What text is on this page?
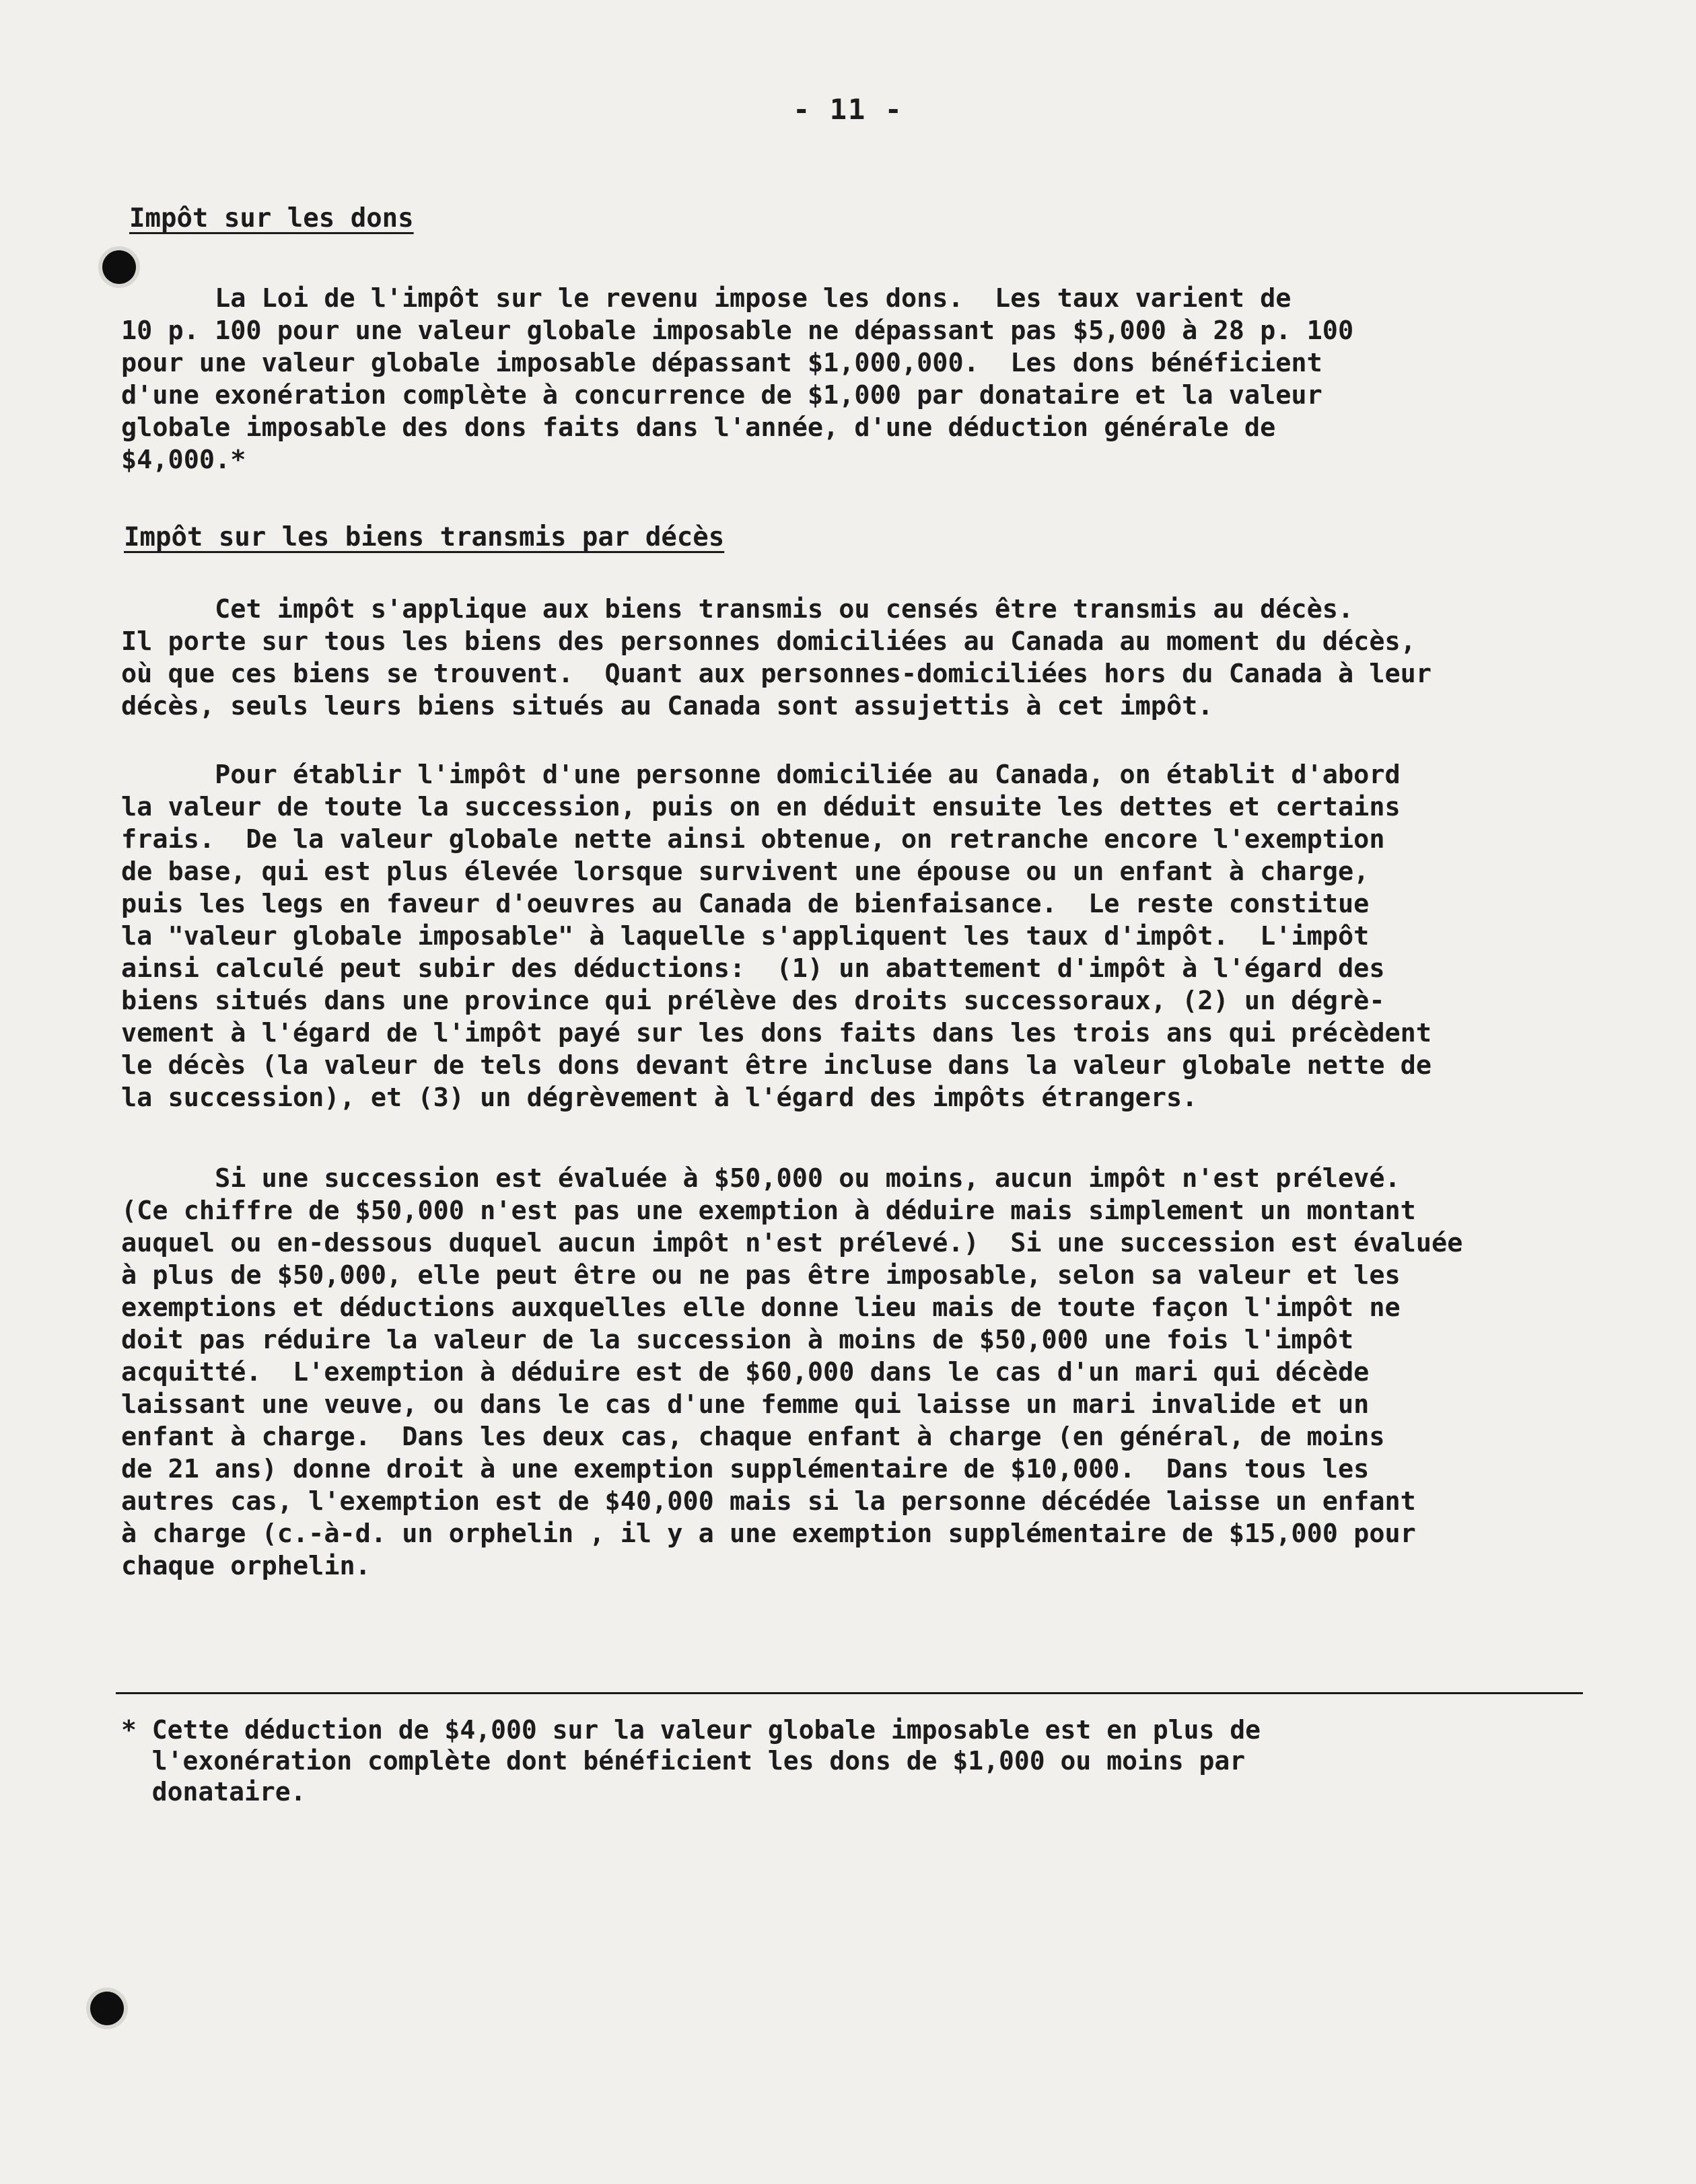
- 11 -
Impôt sur les dons
La Loi de l'impôt sur le revenu impose les dons.  Les taux varient de
10 p. 100 pour une valeur globale imposable ne dépassant pas $5,000 à 28 p. 100
pour une valeur globale imposable dépassant $1,000,000.  Les dons bénéficient
d'une exonération complète à concurrence de $1,000 par donataire et la valeur
globale imposable des dons faits dans l'année, d'une déduction générale de
$4,000.*
Impôt sur les biens transmis par décès
Cet impôt s'applique aux biens transmis ou censés être transmis au décès.
Il porte sur tous les biens des personnes domiciliées au Canada au moment du décès,
où que ces biens se trouvent.  Quant aux personnes-domiciliées hors du Canada à leur
décès, seuls leurs biens situés au Canada sont assujettis à cet impôt.
Pour établir l'impôt d'une personne domiciliée au Canada, on établit d'abord
la valeur de toute la succession, puis on en déduit ensuite les dettes et certains
frais.  De la valeur globale nette ainsi obtenue, on retranche encore l'exemption
de base, qui est plus élevée lorsque survivent une épouse ou un enfant à charge,
puis les legs en faveur d'oeuvres au Canada de bienfaisance.  Le reste constitue
la "valeur globale imposable" à laquelle s'appliquent les taux d'impôt.  L'impôt
ainsi calculé peut subir des déductions:  (1) un abattement d'impôt à l'égard des
biens situés dans une province qui prélève des droits successoraux, (2) un dégrè-
vement à l'égard de l'impôt payé sur les dons faits dans les trois ans qui précèdent
le décès (la valeur de tels dons devant être incluse dans la valeur globale nette de
la succession), et (3) un dégrèvement à l'égard des impôts étrangers.
Si une succession est évaluée à $50,000 ou moins, aucun impôt n'est prélevé.
(Ce chiffre de $50,000 n'est pas une exemption à déduire mais simplement un montant
auquel ou en-dessous duquel aucun impôt n'est prélevé.)  Si une succession est évaluée
à plus de $50,000, elle peut être ou ne pas être imposable, selon sa valeur et les
exemptions et déductions auxquelles elle donne lieu mais de toute façon l'impôt ne
doit pas réduire la valeur de la succession à moins de $50,000 une fois l'impôt
acquitté.  L'exemption à déduire est de $60,000 dans le cas d'un mari qui décède
laissant une veuve, ou dans le cas d'une femme qui laisse un mari invalide et un
enfant à charge.  Dans les deux cas, chaque enfant à charge (en général, de moins
de 21 ans) donne droit à une exemption supplémentaire de $10,000.  Dans tous les
autres cas, l'exemption est de $40,000 mais si la personne décédée laisse un enfant
à charge (c.-à-d. un orphelin , il y a une exemption supplémentaire de $15,000 pour
chaque orphelin.
* Cette déduction de $4,000 sur la valeur globale imposable est en plus de
l'exonération complète dont bénéficient les dons de $1,000 ou moins par
donataire.
